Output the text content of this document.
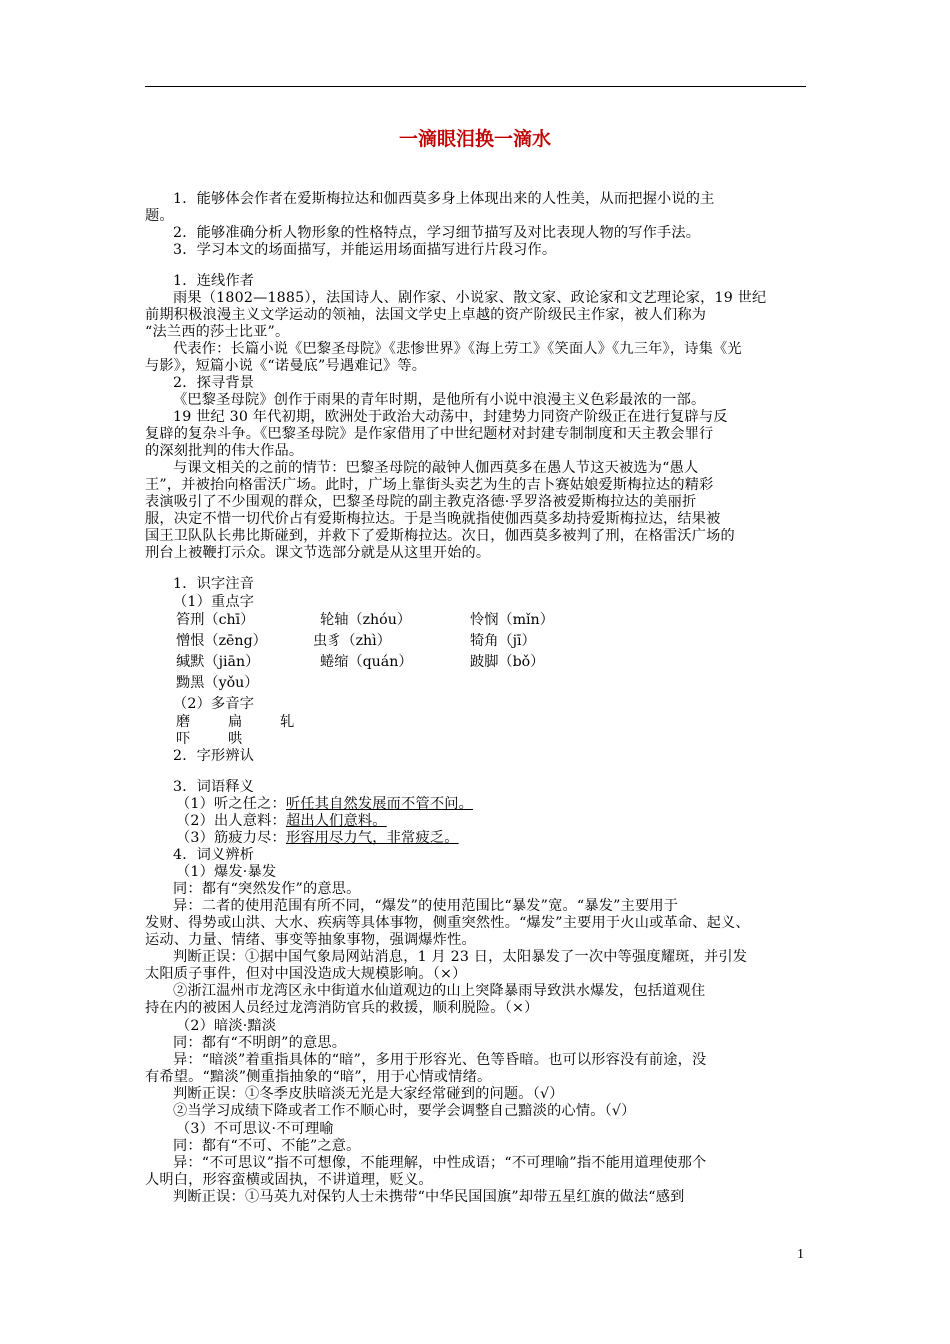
一滴眼泪换一滴水
1．能够体会作者在爱斯梅拉达和伽西莫多身上体现出来的人性美，从而把握小说的主
题。
2．能够准确分析人物形象的性格特点，学习细节描写及对比表现人物的写作手法。
3．学习本文的场面描写，并能运用场面描写进行片段习作。
1．连线作者
雨果（1802—1885），法国诗人、剧作家、小说家、散文家、政论家和文艺理论家，19 世纪
前期积极浪漫主义文学运动的领袖，法国文学史上卓越的资产阶级民主作家，被人们称为
“法兰西的莎士比亚”。
代表作：长篇小说《巴黎圣母院》《悲惨世界》《海上劳工》《笑面人》《九三年》，诗集《光
与影》，短篇小说《“诺曼底”号遇难记》等。
2．探寻背景
《巴黎圣母院》创作于雨果的青年时期，是他所有小说中浪漫主义色彩最浓的一部。
19 世纪 30 年代初期，欧洲处于政治大动荡中，封建势力同资产阶级正在进行复辟与反
复辟的复杂斗争。《巴黎圣母院》是作家借用了中世纪题材对封建专制制度和天主教会罪行
的深刻批判的伟大作品。
与课文相关的之前的情节：巴黎圣母院的敲钟人伽西莫多在愚人节这天被选为“愚人
王”，并被抬向格雷沃广场。此时，广场上靠街头卖艺为生的吉卜赛姑娘爱斯梅拉达的精彩
表演吸引了不少围观的群众，巴黎圣母院的副主教克洛德·孚罗洛被爱斯梅拉达的美丽折
服，决定不惜一切代价占有爱斯梅拉达。于是当晚就指使伽西莫多劫持爱斯梅拉达，结果被
国王卫队队长弗比斯碰到，并救下了爱斯梅拉达。次日，伽西莫多被判了刑，在格雷沃广场的
刑台上被鞭打示众。课文节选部分就是从这里开始的。
1．识字注音
（1）重点字
笞刑（chī）	轮轴（zhóu）	怜悯（mǐn）
憎恨（zēng）	虫豸（zhì）	犄角（jī）
缄默（jiān）	蜷缩（quán）	跛脚（bǒ）
黝黑（yǒu）
（2）多音字
磨	扁	轧
吓	哄
2．字形辨认
3．词语释义
（1）听之任之：听任其自然发展而不管不问。
（2）出人意料：超出人们意料。
（3）筋疲力尽：形容用尽力气，非常疲乏。
4．词义辨析
（1）爆发·暴发
同：都有“突然发作”的意思。
异：二者的使用范围有所不同，“爆发”的使用范围比“暴发”宽。“暴发”主要用于
发财、得势或山洪、大水、疾病等具体事物，侧重突然性。“爆发”主要用于火山或革命、起义、
运动、力量、情绪、事变等抽象事物，强调爆炸性。
判断正误：①据中国气象局网站消息，1 月 23 日，太阳暴发了一次中等强度耀斑，并引发
太阳质子事件，但对中国没造成大规模影响。（×）
②浙江温州市龙湾区永中街道水仙道观边的山上突降暴雨导致洪水爆发，包括道观住
持在内的被困人员经过龙湾消防官兵的救援，顺利脱险。（×）
（2）暗淡·黯淡
同：都有“不明朗”的意思。
异：“暗淡”着重指具体的“暗”，多用于形容光、色等昏暗。也可以形容没有前途，没
有希望。“黯淡”侧重指抽象的“暗”，用于心情或情绪。
判断正误：①冬季皮肤暗淡无光是大家经常碰到的问题。（√）
②当学习成绩下降或者工作不顺心时，要学会调整自己黯淡的心情。（√）
（3）不可思议·不可理喻
同：都有“不可、不能”之意。
异：“不可思议”指不可想像，不能理解，中性成语；“不可理喻”指不能用道理使那个
人明白，形容蛮横或固执，不讲道理，贬义。
判断正误：①马英九对保钓人士未携带“中华民国国旗”却带五星红旗的做法“感到
1
